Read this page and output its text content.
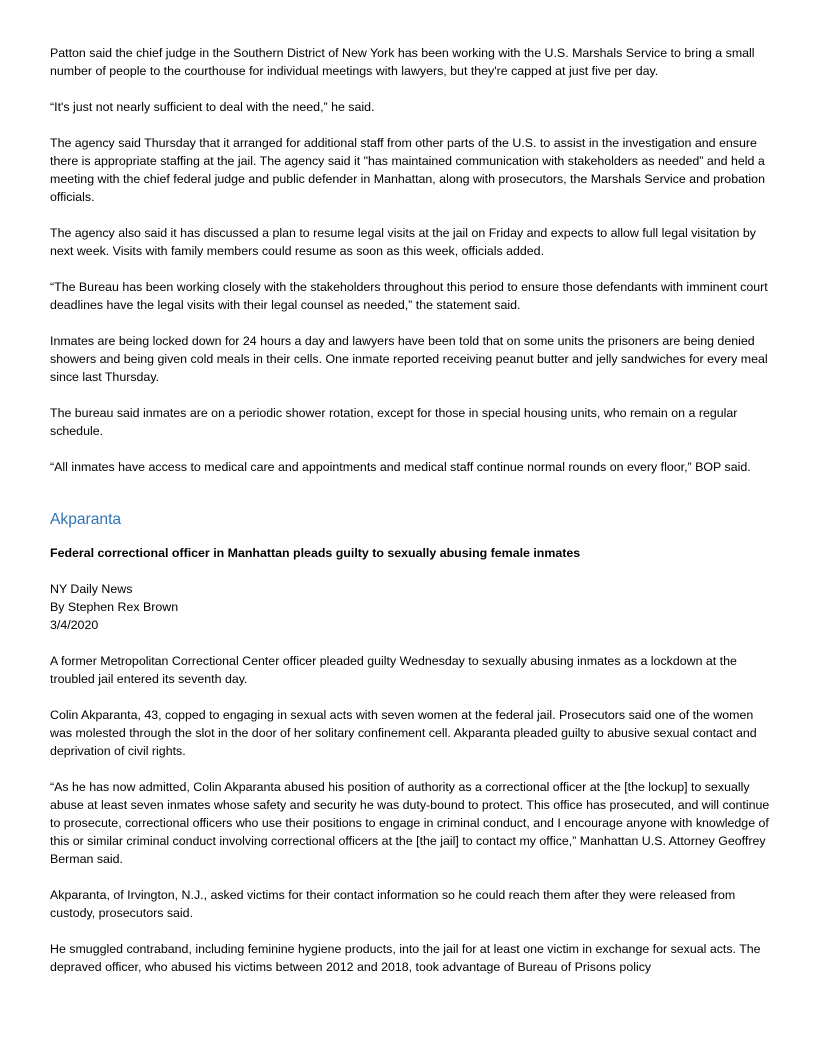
Patton said the chief judge in the Southern District of New York has been working with the U.S. Marshals Service to bring a small number of people to the courthouse for individual meetings with lawyers, but they're capped at just five per day.

“It's just not nearly sufficient to deal with the need,” he said.

The agency said Thursday that it arranged for additional staff from other parts of the U.S. to assist in the investigation and ensure there is appropriate staffing at the jail. The agency said it "has maintained communication with stakeholders as needed” and held a meeting with the chief federal judge and public defender in Manhattan, along with prosecutors, the Marshals Service and probation officials.

The agency also said it has discussed a plan to resume legal visits at the jail on Friday and expects to allow full legal visitation by next week. Visits with family members could resume as soon as this week, officials added.

“The Bureau has been working closely with the stakeholders throughout this period to ensure those defendants with imminent court deadlines have the legal visits with their legal counsel as needed,” the statement said.

Inmates are being locked down for 24 hours a day and lawyers have been told that on some units the prisoners are being denied showers and being given cold meals in their cells. One inmate reported receiving peanut butter and jelly sandwiches for every meal since last Thursday.

The bureau said inmates are on a periodic shower rotation, except for those in special housing units, who remain on a regular schedule.

“All inmates have access to medical care and appointments and medical staff continue normal rounds on every floor,” BOP said.

Akparanta

Federal correctional officer in Manhattan pleads guilty to sexually abusing female inmates

NY Daily News

By Stephen Rex Brown

3/4/2020

A former Metropolitan Correctional Center officer pleaded guilty Wednesday to sexually abusing inmates as a lockdown at the troubled jail entered its seventh day.

Colin Akparanta, 43, copped to engaging in sexual acts with seven women at the federal jail. Prosecutors said one of the women was molested through the slot in the door of her solitary confinement cell. Akparanta pleaded guilty to abusive sexual contact and deprivation of civil rights.

“As he has now admitted, Colin Akparanta abused his position of authority as a correctional officer at the [the lockup] to sexually abuse at least seven inmates whose safety and security he was duty-bound to protect. This office has prosecuted, and will continue to prosecute, correctional officers who use their positions to engage in criminal conduct, and I encourage anyone with knowledge of this or similar criminal conduct involving correctional officers at the [the jail] to contact my office,” Manhattan U.S. Attorney Geoffrey Berman said.

Akparanta, of Irvington, N.J., asked victims for their contact information so he could reach them after they were released from custody, prosecutors said.

He smuggled contraband, including feminine hygiene products, into the jail for at least one victim in exchange for sexual acts. The depraved officer, who abused his victims between 2012 and 2018, took advantage of Bureau of Prisons policy
